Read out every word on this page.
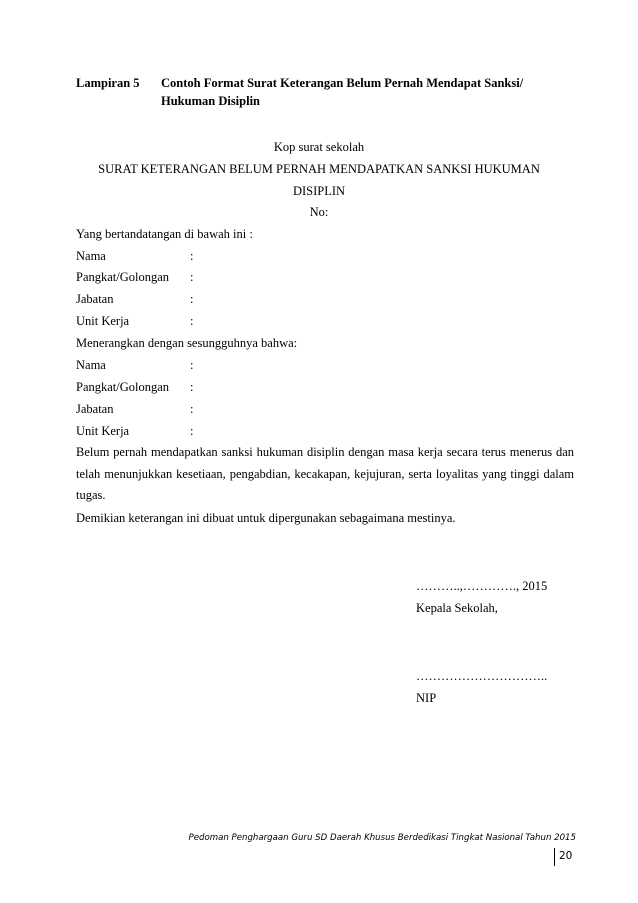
Lampiran 5 Contoh Format Surat Keterangan Belum Pernah Mendapat Sanksi/
Hukuman Disiplin
Kop surat sekolah
SURAT KETERANGAN BELUM PERNAH MENDAPATKAN SANKSI HUKUMAN
DISIPLIN
No:
Yang bertandatangan di bawah ini :
Nama	:
Pangkat/Golongan :
Jabatan	:
Unit Kerja	:
Menerangkan dengan sesungguhnya bahwa:
Nama	:
Pangkat/Golongan :
Jabatan	:
Unit Kerja	:
Belum pernah mendapatkan sanksi hukuman disiplin dengan masa kerja secara terus menerus dan telah menunjukkan kesetiaan, pengabdian, kecakapan, kejujuran, serta loyalitas yang tinggi dalam tugas.
Demikian keterangan ini dibuat untuk dipergunakan sebagaimana mestinya.
………..,…………., 2015
Kepala Sekolah,
…………………………..
NIP
Pedoman Penghargaan Guru SD Daerah Khusus Berdedikasi Tingkat Nasional Tahun 2015
20
